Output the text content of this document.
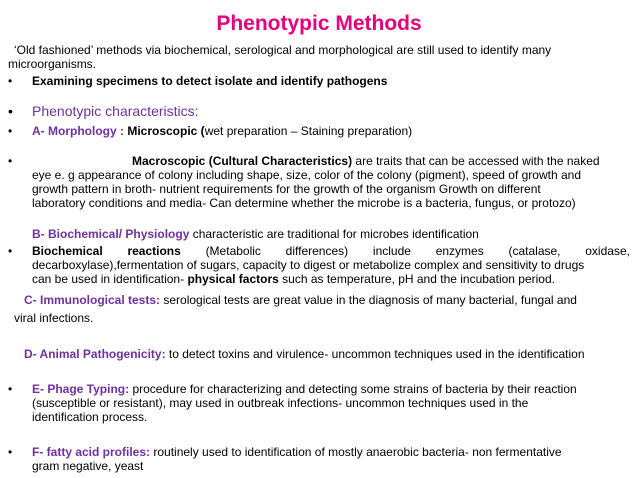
Phenotypic Methods
‘Old fashioned’ methods via biochemical, serological and morphological are still used to identify many
microorganisms.
• Examining specimens to detect isolate and identify pathogens
• Phenotypic characteristics:
• A- Morphology : Microscopic (wet preparation – Staining preparation)
•	Macroscopic (Cultural Characteristics) are traits that can be accessed with the naked
eye e. g appearance of colony including shape, size, color of the colony (pigment), speed of growth and
growth pattern in broth- nutrient requirements for the growth of the organism Growth on different
laboratory conditions and media- Can determine whether the microbe is a bacteria, fungus, or protozo)
B- Biochemical/ Physiology characteristic are traditional for microbes identification
• Biochemical reactions (Metabolic differences) include enzymes (catalase, oxidase,
decarboxylase),fermentation of sugars, capacity to digest or metabolize complex and sensitivity to drugs
can be used in identification- physical factors such as temperature, pH and the incubation period.
C- Immunological tests: serological tests are great value in the diagnosis of many bacterial, fungal and
viral infections.
D- Animal Pathogenicity: to detect toxins and virulence- uncommon techniques used in the identification
• E- Phage Typing: procedure for characterizing and detecting some strains of bacteria by their reaction
(susceptible or resistant), may used in outbreak infections- uncommon techniques used in the
identification process.
• F- fatty acid profiles: routinely used to identification of mostly anaerobic bacteria- non fermentative
gram negative, yeast
